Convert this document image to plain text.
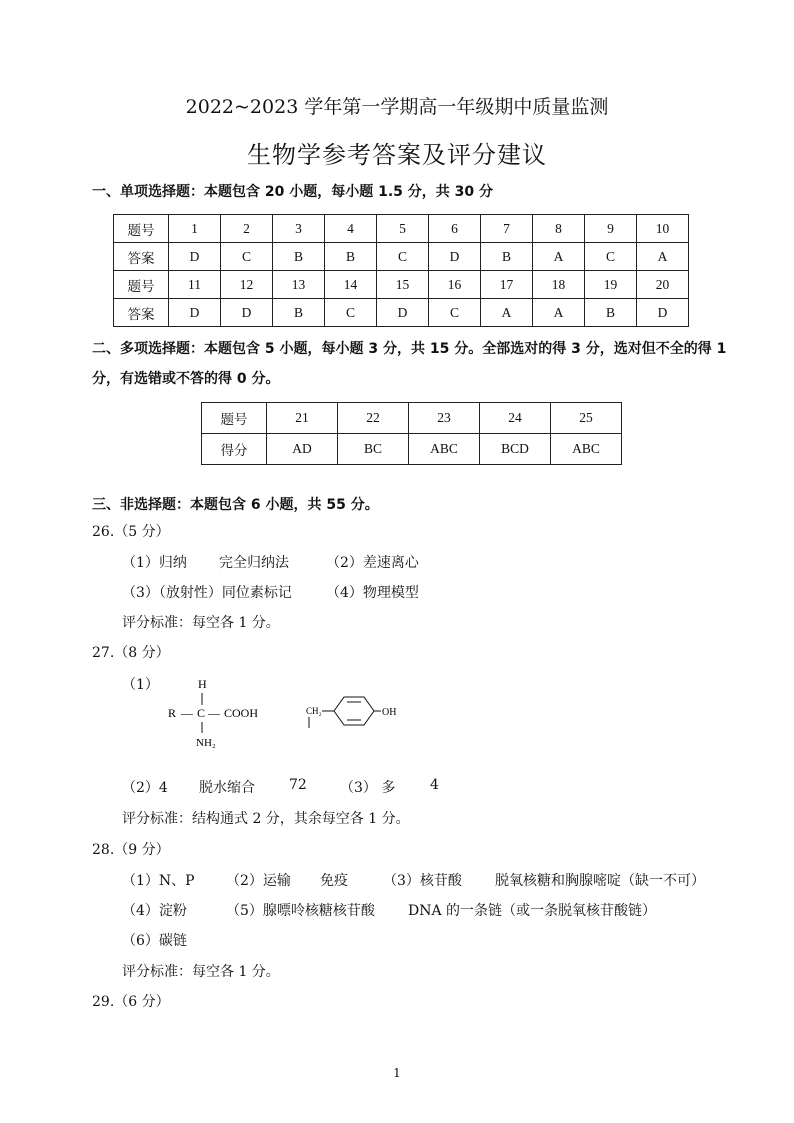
2022~2023 学年第一学期高一年级期中质量监测
生物学参考答案及评分建议
一、单项选择题：本题包含 20 小题，每小题 1.5 分，共 30 分
题号	1	2	3	4	5	6	7	8	9	10
答案	D	C	B	B	C	D	B	A	C	A
题号	11	12	13	14	15	16	17	18	19	20
答案	D	D	B	C	D	C	A	A	B	D
二、多项选择题：本题包含 5 小题，每小题 3 分，共 15 分。全部选对的得 3 分，选对但不全的得 1
分，有选错或不答的得 0 分。
题号	21	22	23	24	25
得分	AD	BC	ABC	BCD	ABC
三、非选择题：本题包含 6 小题，共 55 分。
26.（5 分）
（1）归纳 完全归纳法	（2）差速离心
（3）（放射性）同位素标记 （4）物理模型
评分标准：每空各 1 分。
27.（8 分）
（1）	H
R — C — COOH
NH₂
CH₂	OH
（2）4 脱水缩合 72 （3） 多 4
评分标准：结构通式 2 分，其余每空各 1 分。
28.（9 分）
（1）N、P （2）运输 免疫	（3）核苷酸 脱氧核糖和胸腺嘧啶（缺一不可）
（4）淀粉	（5）腺嘌呤核糖核苷酸 DNA 的一条链（或一条脱氧核苷酸链）
（6）碳链
评分标准：每空各 1 分。
29.（6 分）
1
